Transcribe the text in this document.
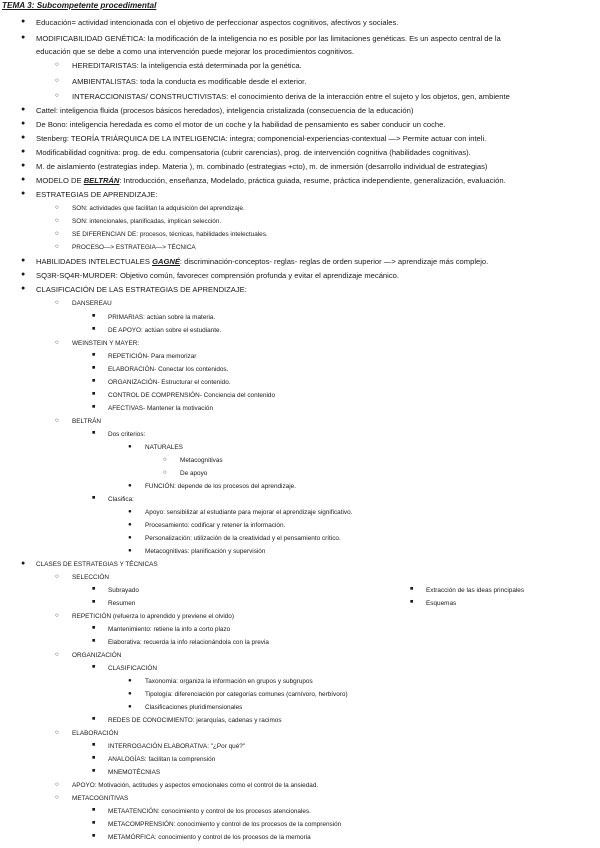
TEMA 3: Subcompetente procedimental
● Educación= actividad intencionada con el objetivo de perfeccionar aspectos cognitivos, afectivos y sociales.
● MODIFICABILIDAD GENÉTICA: la modificación de la inteligencia no es posible por las limitaciones genéticas. Es un aspecto central de la
educación que se debe a como una intervención puede mejorar los procedimientos cognitivos.
○ HEREDITARISTAS: la inteligencia está determinada por la genética.
○ AMBIENTALISTAS: toda la conducta es modificable desde el exterior.
○ INTERACCIONISTAS/ CONSTRUCTIVISTAS: el conocimiento deriva de la interacción entre el sujeto y los objetos, gen, ambiente
● Cattel: inteligencia fluida (procesos básicos heredados), inteligencia cristalizada (consecuencia de la educación)
● De Bono: inteligencia heredada es como el motor de un coche y la habilidad de pensamiento es saber conducir un coche.
● Stenberg: TEORÍA TRIÁRQUICA DE LA INTELIGENCIA: integra; componencial-experiencias-contextual —> Permite actuar con inteli.
● Modificabilidad cognitiva: prog. de edu. compensatoria (cubrir carencias), prog. de intervención cognitiva (habilidades cognitivas).
● M. de aislamiento (estrategias indep. Materia ), m. combinado (estrategias +cto), m. de inmersión (desarrollo individual de estrategias)
● MODELO DE BELTRÁN: Introducción, enseñanza, Modelado, práctica guiada, resume, práctica independiente, generalización, evaluación.
● ESTRATEGIAS DE APRENDIZAJE:
○ SON: actividades que facilitan la adquisición del aprendizaje.
○ SON: intencionales, planificadas, implican selección.
○ SE DIFERENCIAN DE: procesos, técnicas, habilidades intelectuales.
○ PROCESO—> ESTRATEGIA—> TÉCNICA
● HABILIDADES INTELECTUALES GAGNÉ: discriminación-conceptos- reglas- reglas de orden superior —> aprendizaje más complejo.
● SQ3R-SQ4R-MURDER: Objetivo común, favorecer comprensión profunda y evitar el aprendizaje mecánico.
● CLASIFICACIÓN DE LAS ESTRATEGIAS DE APRENDIZAJE:
○ DANSEREAU
■ PRIMARIAS: actúan sobre la materia.
■ DE APOYO: actúan sobre el estudiante.
○ WEINSTEIN Y MAYER:
■ REPETICIÓN- Para memorizar
■ ELABORACIÓN- Conectar los contenidos.
■ ORGANIZACIÓN- Estructurar el contenido.
■ CONTROL DE COMPRENSIÓN- Conciencia del contenido
■ AFECTIVAS- Mantener la motivación
○ BELTRÁN
■ Dos criterios:
● NATURALES
○ Metacognitivas
○ De apoyo
● FUNCIÓN: depende de los procesos del aprendizaje.
■ Clasifica:
● Apoyo: sensibilizar al estudiante para mejorar el aprendizaje significativo.
● Procesamiento: codificar y retener la información.
● Personalización: utilización de la creatividad y el pensamiento crítico.
● Metacognitivas: planificación y supervisión
● CLASES DE ESTRATEGIAS Y TÉCNICAS
○ SELECCIÓN
■ Subrayado	■ Extracción de las ideas principales
■ Resumen	■ Esquemas
○ REPETICIÓN (refuerza lo aprendido y previene el olvido)
■ Mantenimiento: retiene la info a corto plazo
■ Elaborativa: recuerda la info relacionándola con la previa
○ ORGANIZACIÓN
■ CLASIFICACIÓN
● Taxonomía: organiza la información en grupos y subgrupos
● Tipología: diferenciación por categorías comunes (carnívoro, herbívoro)
● Clasificaciones pluridimensionales
■ REDES DE CONOCIMIENTO: jerarquías, cadenas y racimos
○ ELABORACIÓN
■ INTERROGACIÓN ELABORATIVA: "¿Por qué?"
■ ANALOGÍAS: facilitan la comprensión
■ MNEMOTÉCNIAS
○ APOYO: Motivación, actitudes y aspectos emocionales como el control de la ansiedad.
○ METACOGNITIVAS
■ METAATENCIÓN: conocimiento y control de los procesos atencionales.
■ METACOMPRENSIÓN: conocimiento y control de los procesos de la comprensión
■ METAMÓRFICA: conocimiento y control de los procesos de la memoria
